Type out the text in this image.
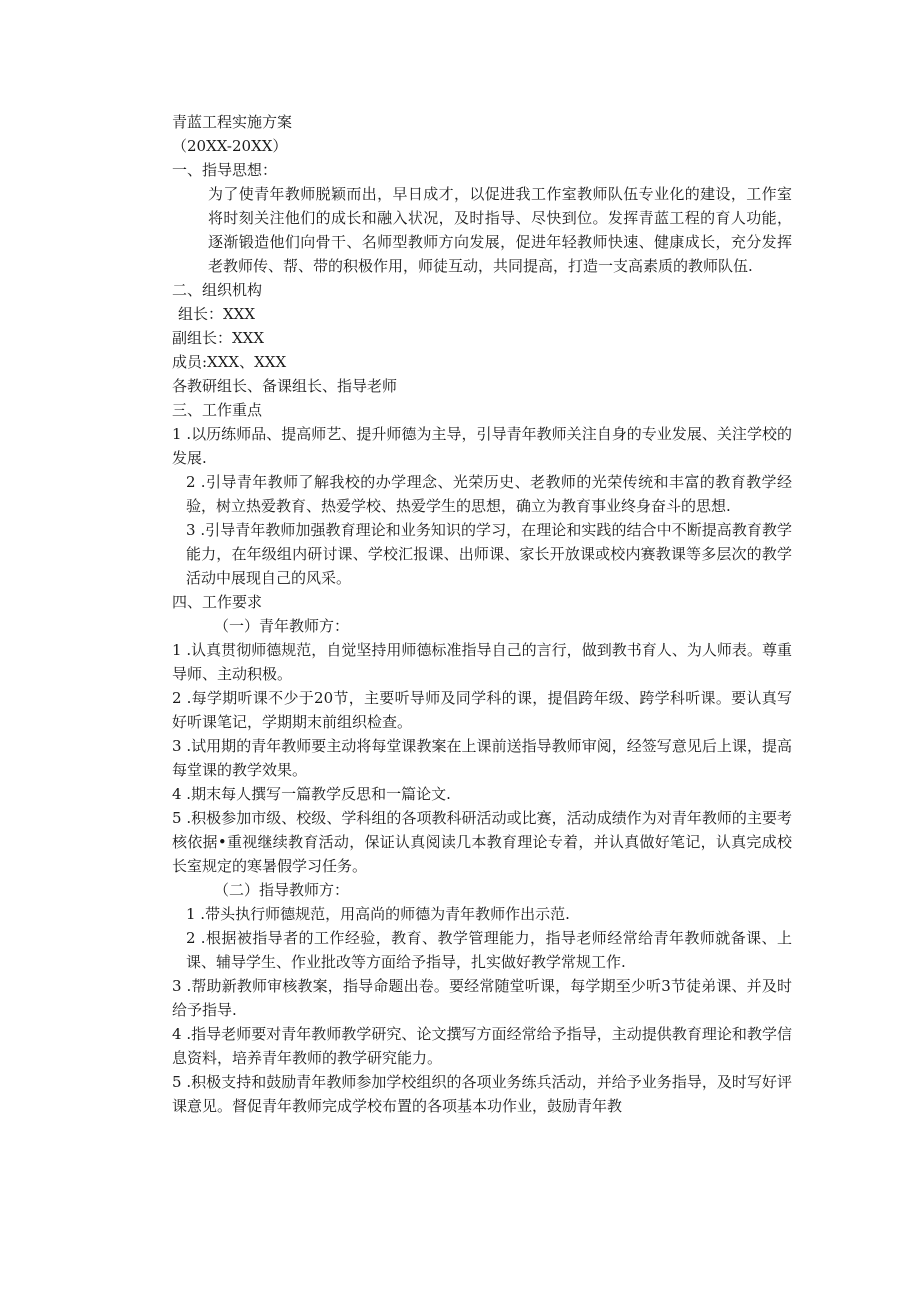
青蓝工程实施方案

（20XX-20XX）

一、指导思想：

为了使青年教师脱颖而出，早日成才，以促进我工作室教师队伍专业化的建设，工作室将时刻关注他们的成长和融入状况，及时指导、尽快到位。发挥青蓝工程的育人功能，逐渐锻造他们向骨干、名师型教师方向发展，促进年轻教师快速、健康成长，充分发挥老教师传、帮、带的积极作用，师徒互动，共同提高，打造一支高素质的教师队伍.

二、组织机构

组长：XXX

副组长：XXX

成员:XXX、XXX

各教研组长、备课组长、指导老师

三、工作重点

1 .以历练师品、提高师艺、提升师德为主导，引导青年教师关注自身的专业发展、关注学校的发展.

2 .引导青年教师了解我校的办学理念、光荣历史、老教师的光荣传统和丰富的教育教学经验，树立热爱教育、热爱学校、热爱学生的思想，确立为教育事业终身奋斗的思想.

3 .引导青年教师加强教育理论和业务知识的学习，在理论和实践的结合中不断提高教育教学能力，在年级组内研讨课、学校汇报课、出师课、家长开放课或校内赛教课等多层次的教学活动中展现自己的风采。

四、工作要求

（一）青年教师方：

1 .认真贯彻师德规范，自觉坚持用师德标准指导自己的言行，做到教书育人、为人师表。尊重导师、主动积极。

2 .每学期听课不少于20节，主要听导师及同学科的课，提倡跨年级、跨学科听课。要认真写好听课笔记，学期期末前组织检查。

3 .试用期的青年教师要主动将每堂课教案在上课前送指导教师审阅，经签写意见后上课，提高每堂课的教学效果。

4 .期末每人撰写一篇教学反思和一篇论文.

5 .积极参加市级、校级、学科组的各项教科研活动或比赛，活动成绩作为对青年教师的主要考核依据•重视继续教育活动，保证认真阅读几本教育理论专着，并认真做好笔记，认真完成校长室规定的寒暑假学习任务。

（二）指导教师方：

1 .带头执行师德规范，用高尚的师德为青年教师作出示范.

2 .根据被指导者的工作经验，教育、教学管理能力，指导老师经常给青年教师就备课、上课、辅导学生、作业批改等方面给予指导，扎实做好教学常规工作.

3 .帮助新教师审核教案，指导命题出卷。要经常随堂听课，每学期至少听3节徒弟课、并及时给予指导.

4 .指导老师要对青年教师教学研究、论文撰写方面经常给予指导，主动提供教育理论和教学信息资料，培养青年教师的教学研究能力。

5 .积极支持和鼓励青年教师参加学校组织的各项业务练兵活动，并给予业务指导，及时写好评课意见。督促青年教师完成学校布置的各项基本功作业，鼓励青年教
